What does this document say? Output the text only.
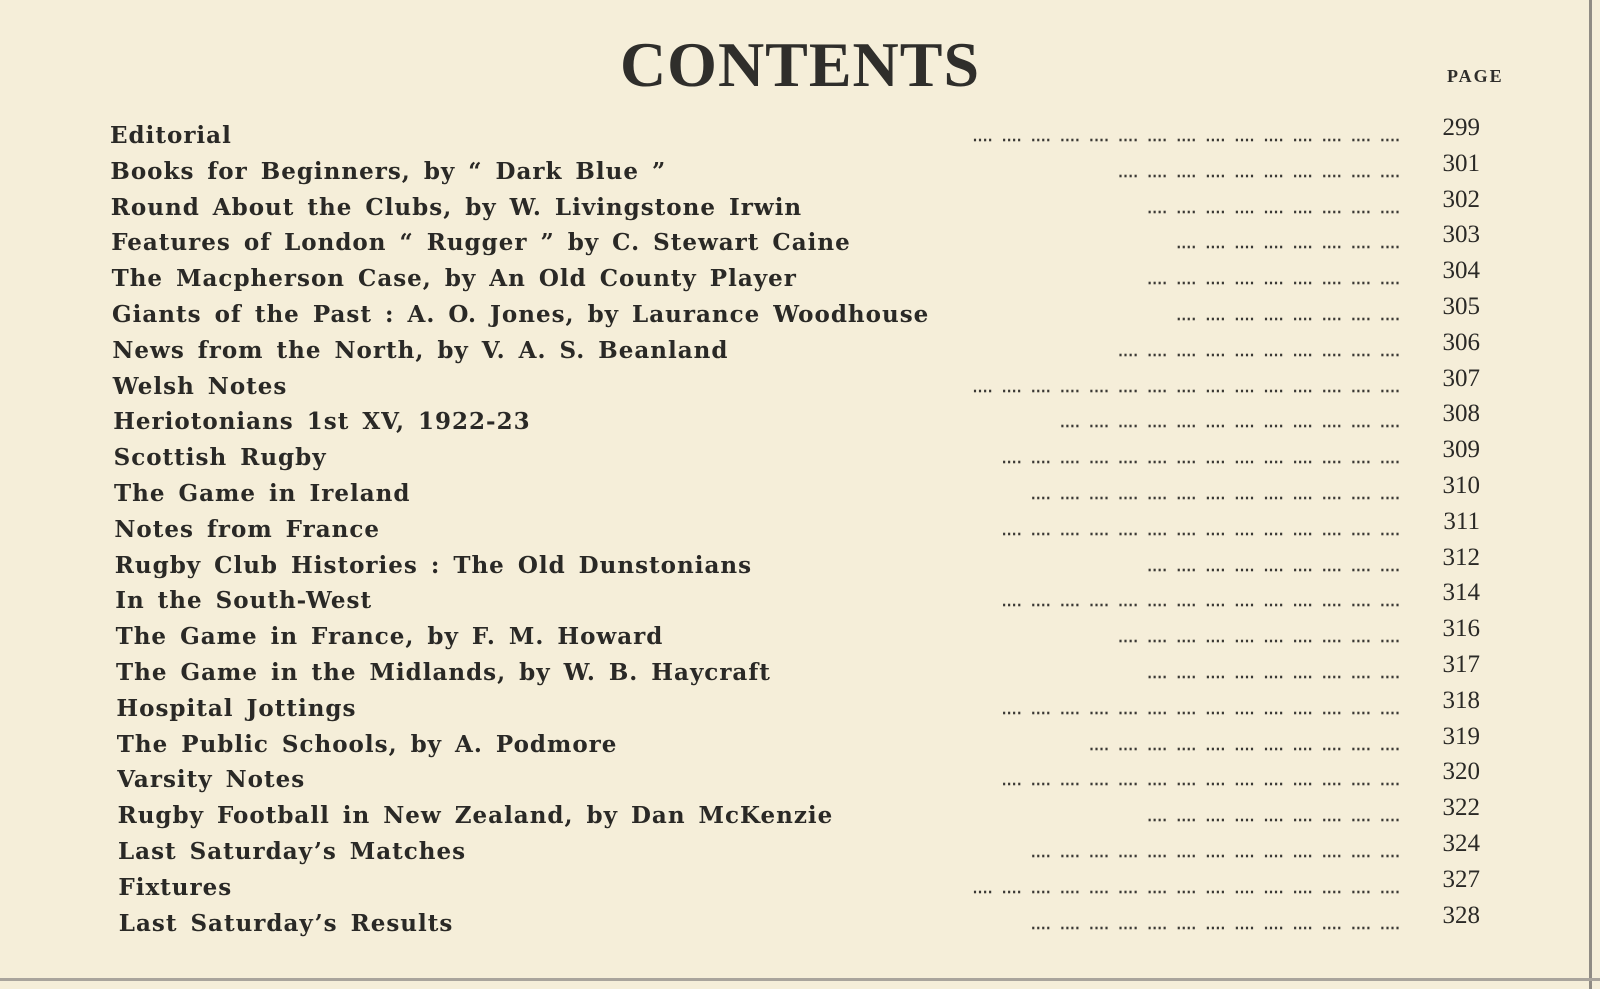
CONTENTS	PAGE
Editorial	․․․․ ․․․․ ․․․․ ․․․․ ․․․․ ․․․․ ․․․․ ․․․․ ․․․․ ․․․․ ․․․․ ․․․․ ․․․․ ․․․․ ․․․․	299
Books for Beginners, by “ Dark Blue ”	․․․․ ․․․․ ․․․․ ․․․․ ․․․․ ․․․․ ․․․․ ․․․․ ․․․․ ․․․․	301
Round About the Clubs, by W. Livingstone Irwin	․․․․ ․․․․ ․․․․ ․․․․ ․․․․ ․․․․ ․․․․ ․․․․ ․․․․	302
Features of London “ Rugger ” by C. Stewart Caine	․․․․ ․․․․ ․․․․ ․․․․ ․․․․ ․․․․ ․․․․ ․․․․	303
The Macpherson Case, by An Old County Player	․․․․ ․․․․ ․․․․ ․․․․ ․․․․ ․․․․ ․․․․ ․․․․ ․․․․	304
Giants of the Past : A. O. Jones, by Laurance Woodhouse	․․․․ ․․․․ ․․․․ ․․․․ ․․․․ ․․․․ ․․․․ ․․․․	305
News from the North, by V. A. S. Beanland	․․․․ ․․․․ ․․․․ ․․․․ ․․․․ ․․․․ ․․․․ ․․․․ ․․․․ ․․․․	306
Welsh Notes	․․․․ ․․․․ ․․․․ ․․․․ ․․․․ ․․․․ ․․․․ ․․․․ ․․․․ ․․․․ ․․․․ ․․․․ ․․․․ ․․․․ ․․․․	307
Heriotonians 1st XV, 1922-23	․․․․ ․․․․ ․․․․ ․․․․ ․․․․ ․․․․ ․․․․ ․․․․ ․․․․ ․․․․ ․․․․ ․․․․	308
Scottish Rugby	․․․․ ․․․․ ․․․․ ․․․․ ․․․․ ․․․․ ․․․․ ․․․․ ․․․․ ․․․․ ․․․․ ․․․․ ․․․․ ․․․․	309
The Game in Ireland	․․․․ ․․․․ ․․․․ ․․․․ ․․․․ ․․․․ ․․․․ ․․․․ ․․․․ ․․․․ ․․․․ ․․․․ ․․․․	310
Notes from France	․․․․ ․․․․ ․․․․ ․․․․ ․․․․ ․․․․ ․․․․ ․․․․ ․․․․ ․․․․ ․․․․ ․․․․ ․․․․ ․․․․	311
Rugby Club Histories : The Old Dunstonians	․․․․ ․․․․ ․․․․ ․․․․ ․․․․ ․․․․ ․․․․ ․․․․ ․․․․	312
In the South-West	․․․․ ․․․․ ․․․․ ․․․․ ․․․․ ․․․․ ․․․․ ․․․․ ․․․․ ․․․․ ․․․․ ․․․․ ․․․․ ․․․․	314
The Game in France, by F. M. Howard	․․․․ ․․․․ ․․․․ ․․․․ ․․․․ ․․․․ ․․․․ ․․․․ ․․․․ ․․․․	316
The Game in the Midlands, by W. B. Haycraft	․․․․ ․․․․ ․․․․ ․․․․ ․․․․ ․․․․ ․․․․ ․․․․ ․․․․	317
Hospital Jottings	․․․․ ․․․․ ․․․․ ․․․․ ․․․․ ․․․․ ․․․․ ․․․․ ․․․․ ․․․․ ․․․․ ․․․․ ․․․․ ․․․․	318
The Public Schools, by A. Podmore	․․․․ ․․․․ ․․․․ ․․․․ ․․․․ ․․․․ ․․․․ ․․․․ ․․․․ ․․․․ ․․․․	319
Varsity Notes	․․․․ ․․․․ ․․․․ ․․․․ ․․․․ ․․․․ ․․․․ ․․․․ ․․․․ ․․․․ ․․․․ ․․․․ ․․․․ ․․․․	320
Rugby Football in New Zealand, by Dan McKenzie	․․․․ ․․․․ ․․․․ ․․․․ ․․․․ ․․․․ ․․․․ ․․․․ ․․․․	322
Last Saturday’s Matches	․․․․ ․․․․ ․․․․ ․․․․ ․․․․ ․․․․ ․․․․ ․․․․ ․․․․ ․․․․ ․․․․ ․․․․ ․․․․	324
Fixtures	․․․․ ․․․․ ․․․․ ․․․․ ․․․․ ․․․․ ․․․․ ․․․․ ․․․․ ․․․․ ․․․․ ․․․․ ․․․․ ․․․․ ․․․․	327
Last Saturday’s Results	․․․․ ․․․․ ․․․․ ․․․․ ․․․․ ․․․․ ․․․․ ․․․․ ․․․․ ․․․․ ․․․․ ․․․․ ․․․․	328
